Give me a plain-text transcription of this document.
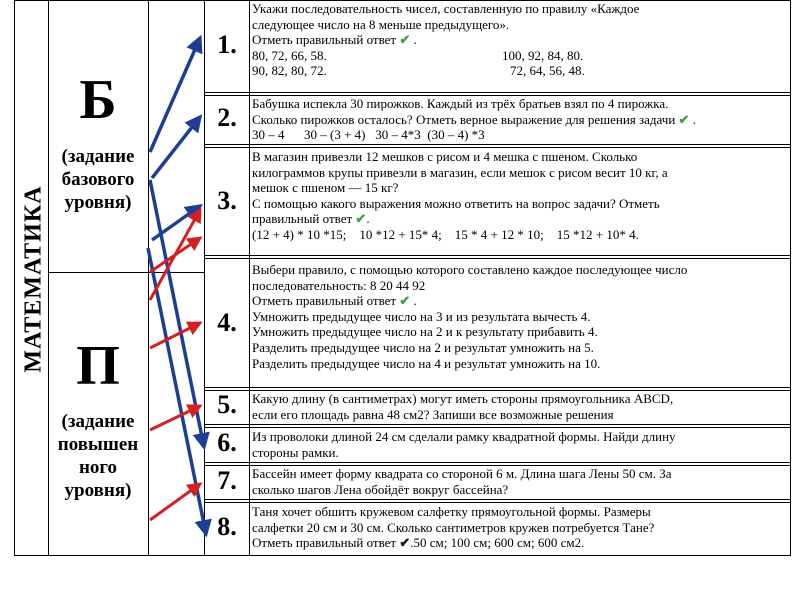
МАТЕМАТИКА
Б
(задание
базового
уровня)
П
(задание
повышен
ного
уровня)
1.
2.
3.
4.
5.
6.
7.
8.
Укажи последовательность чисел, составленную по правилу «Каждое
следующее число на 8 меньше предыдущего».
Отметь правильный ответ ✔ .
80, 72, 66, 58.	100, 92, 84, 80.
90, 82, 80, 72.	72, 64, 56, 48.
Бабушка испекла 30 пирожков. Каждый из трёх братьев взял по 4 пирожка.
Сколько пирожков осталось? Отметь верное выражение для решения задачи ✔ .
30 – 4      30 – (3 + 4)   30 – 4*3  (30 – 4) *3
В магазин привезли 12 мешков с рисом и 4 мешка с пшеном. Сколько
килограммов крупы привезли в магазин, если мешок с рисом весит 10 кг, а
мешок с пшеном — 15 кг?
С помощью какого выражения можно ответить на вопрос задачи? Отметь
правильный ответ ✔.
(12 + 4) * 10 *15;    10 *12 + 15* 4;    15 * 4 + 12 * 10;    15 *12 + 10* 4.
Выбери правило, с помощью которого составлено каждое последующее число
последовательность: 8 20 44 92
Отметь правильный ответ ✔ .
Умножить предыдущее число на 3 и из результата вычесть 4.
Умножить предыдущее число на 2 и к результату прибавить 4.
Разделить предыдущее число на 2 и результат умножить на 5.
Разделить предыдущее число на 4 и результат умножить на 10.
Какую длину (в сантиметрах) могут иметь стороны прямоугольника ABCD,
если его площадь равна 48 см2? Запиши все возможные решения
Из проволоки длиной 24 см сделали рамку квадратной формы. Найди длину
стороны рамки.
Бассейн имеет форму квадрата со стороной 6 м. Длина шага Лены 50 см. За
сколько шагов Лена обойдёт вокруг бассейна?
Таня хочет обшить кружевом салфетку прямоугольной формы. Размеры
салфетки 20 см и 30 см. Сколько сантиметров кружев потребуется Тане?
Отметь правильный ответ ✔.50 см; 100 см; 600 см; 600 см2.
